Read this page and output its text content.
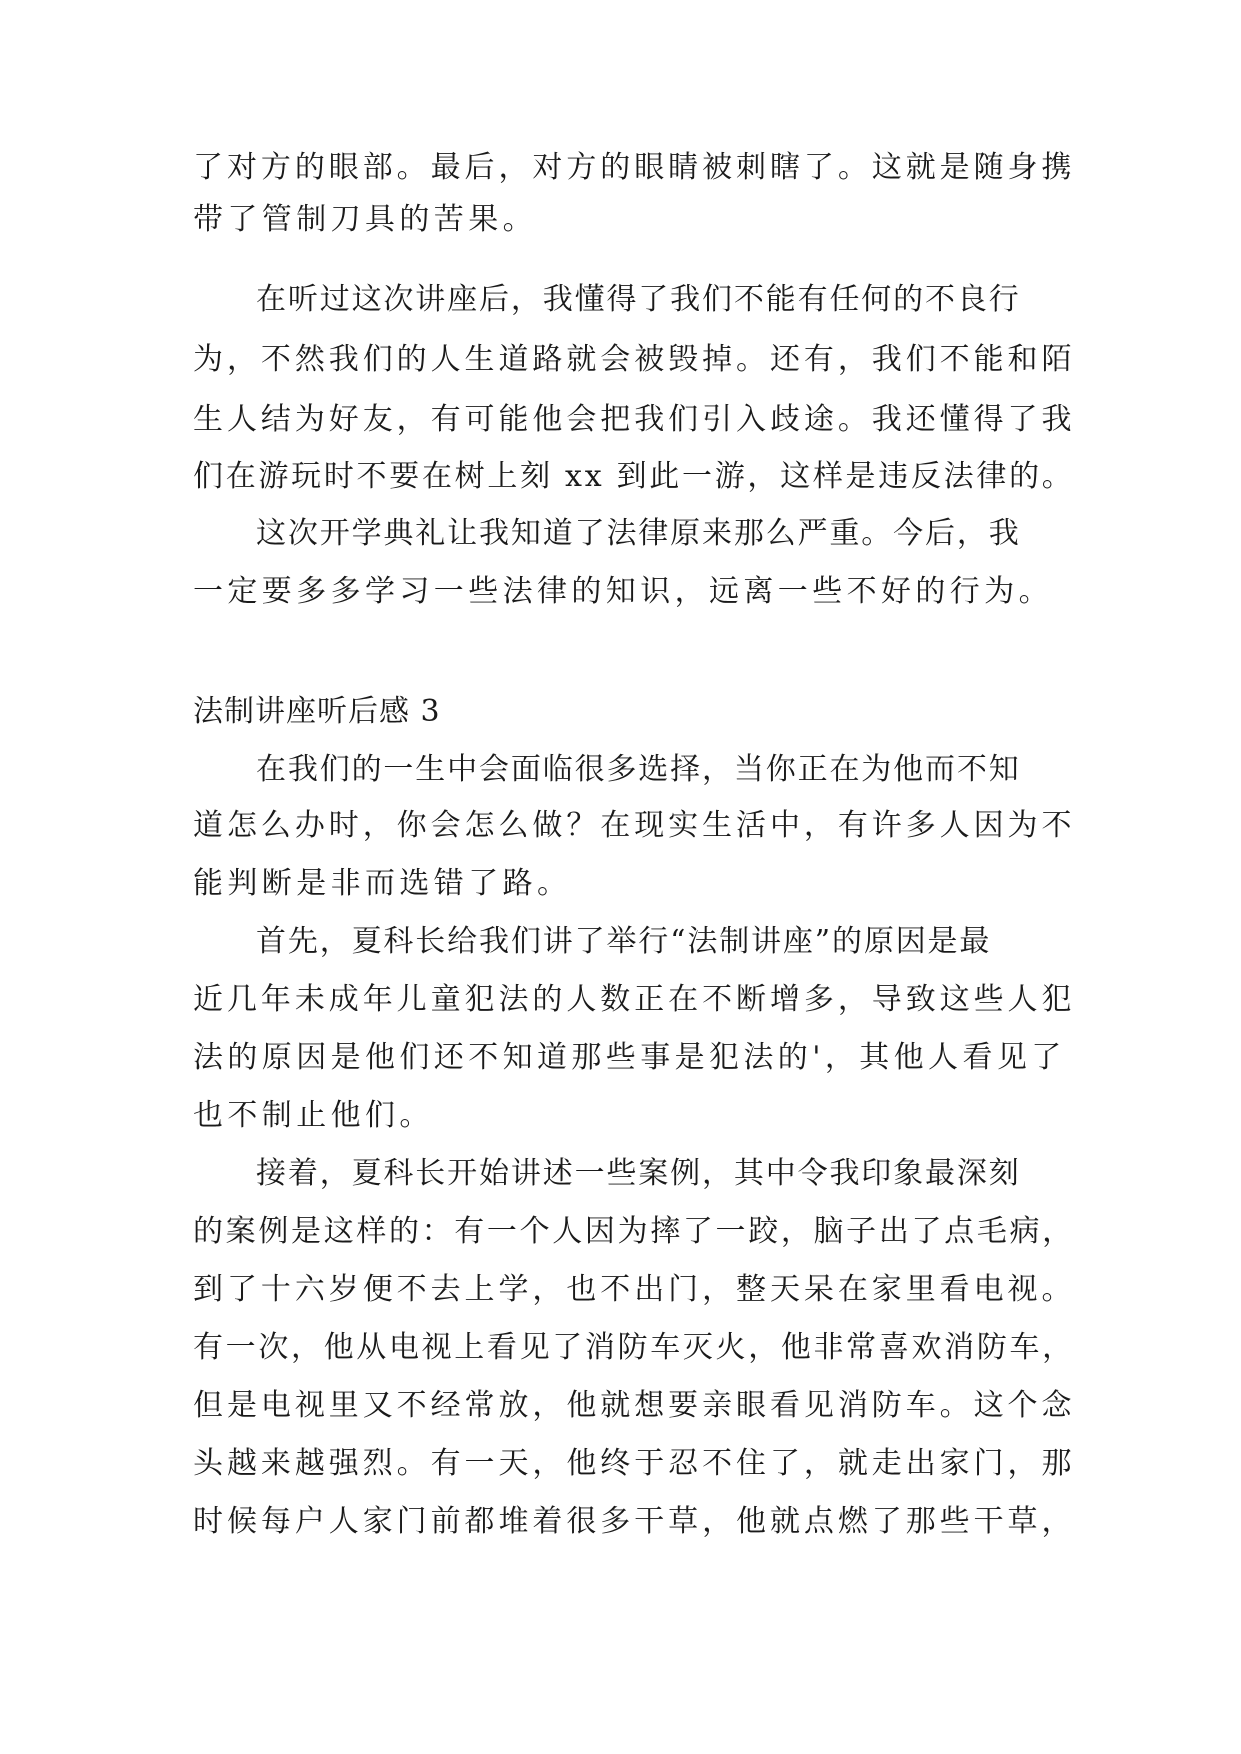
了对方的眼部。最后，对方的眼睛被刺瞎了。这就是随身携
带了管制刀具的苦果。
在听过这次讲座后，我懂得了我们不能有任何的不良行
为，不然我们的人生道路就会被毁掉。还有，我们不能和陌
生人结为好友，有可能他会把我们引入歧途。我还懂得了我
们在游玩时不要在树上刻 xx 到此一游，这样是违反法律的。
这次开学典礼让我知道了法律原来那么严重。今后，我
一定要多多学习一些法律的知识，远离一些不好的行为。
法制讲座听后感 3
在我们的一生中会面临很多选择，当你正在为他而不知
道怎么办时，你会怎么做？在现实生活中，有许多人因为不
能判断是非而选错了路。
首先，夏科长给我们讲了举行“法制讲座”的原因是最
近几年未成年儿童犯法的人数正在不断增多，导致这些人犯
法的原因是他们还不知道那些事是犯法的'，其他人看见了
也不制止他们。
接着，夏科长开始讲述一些案例，其中令我印象最深刻
的案例是这样的：有一个人因为摔了一跤，脑子出了点毛病，
到了十六岁便不去上学，也不出门，整天呆在家里看电视。
有一次，他从电视上看见了消防车灭火，他非常喜欢消防车，
但是电视里又不经常放，他就想要亲眼看见消防车。这个念
头越来越强烈。有一天，他终于忍不住了，就走出家门，那
时候每户人家门前都堆着很多干草，他就点燃了那些干草，
